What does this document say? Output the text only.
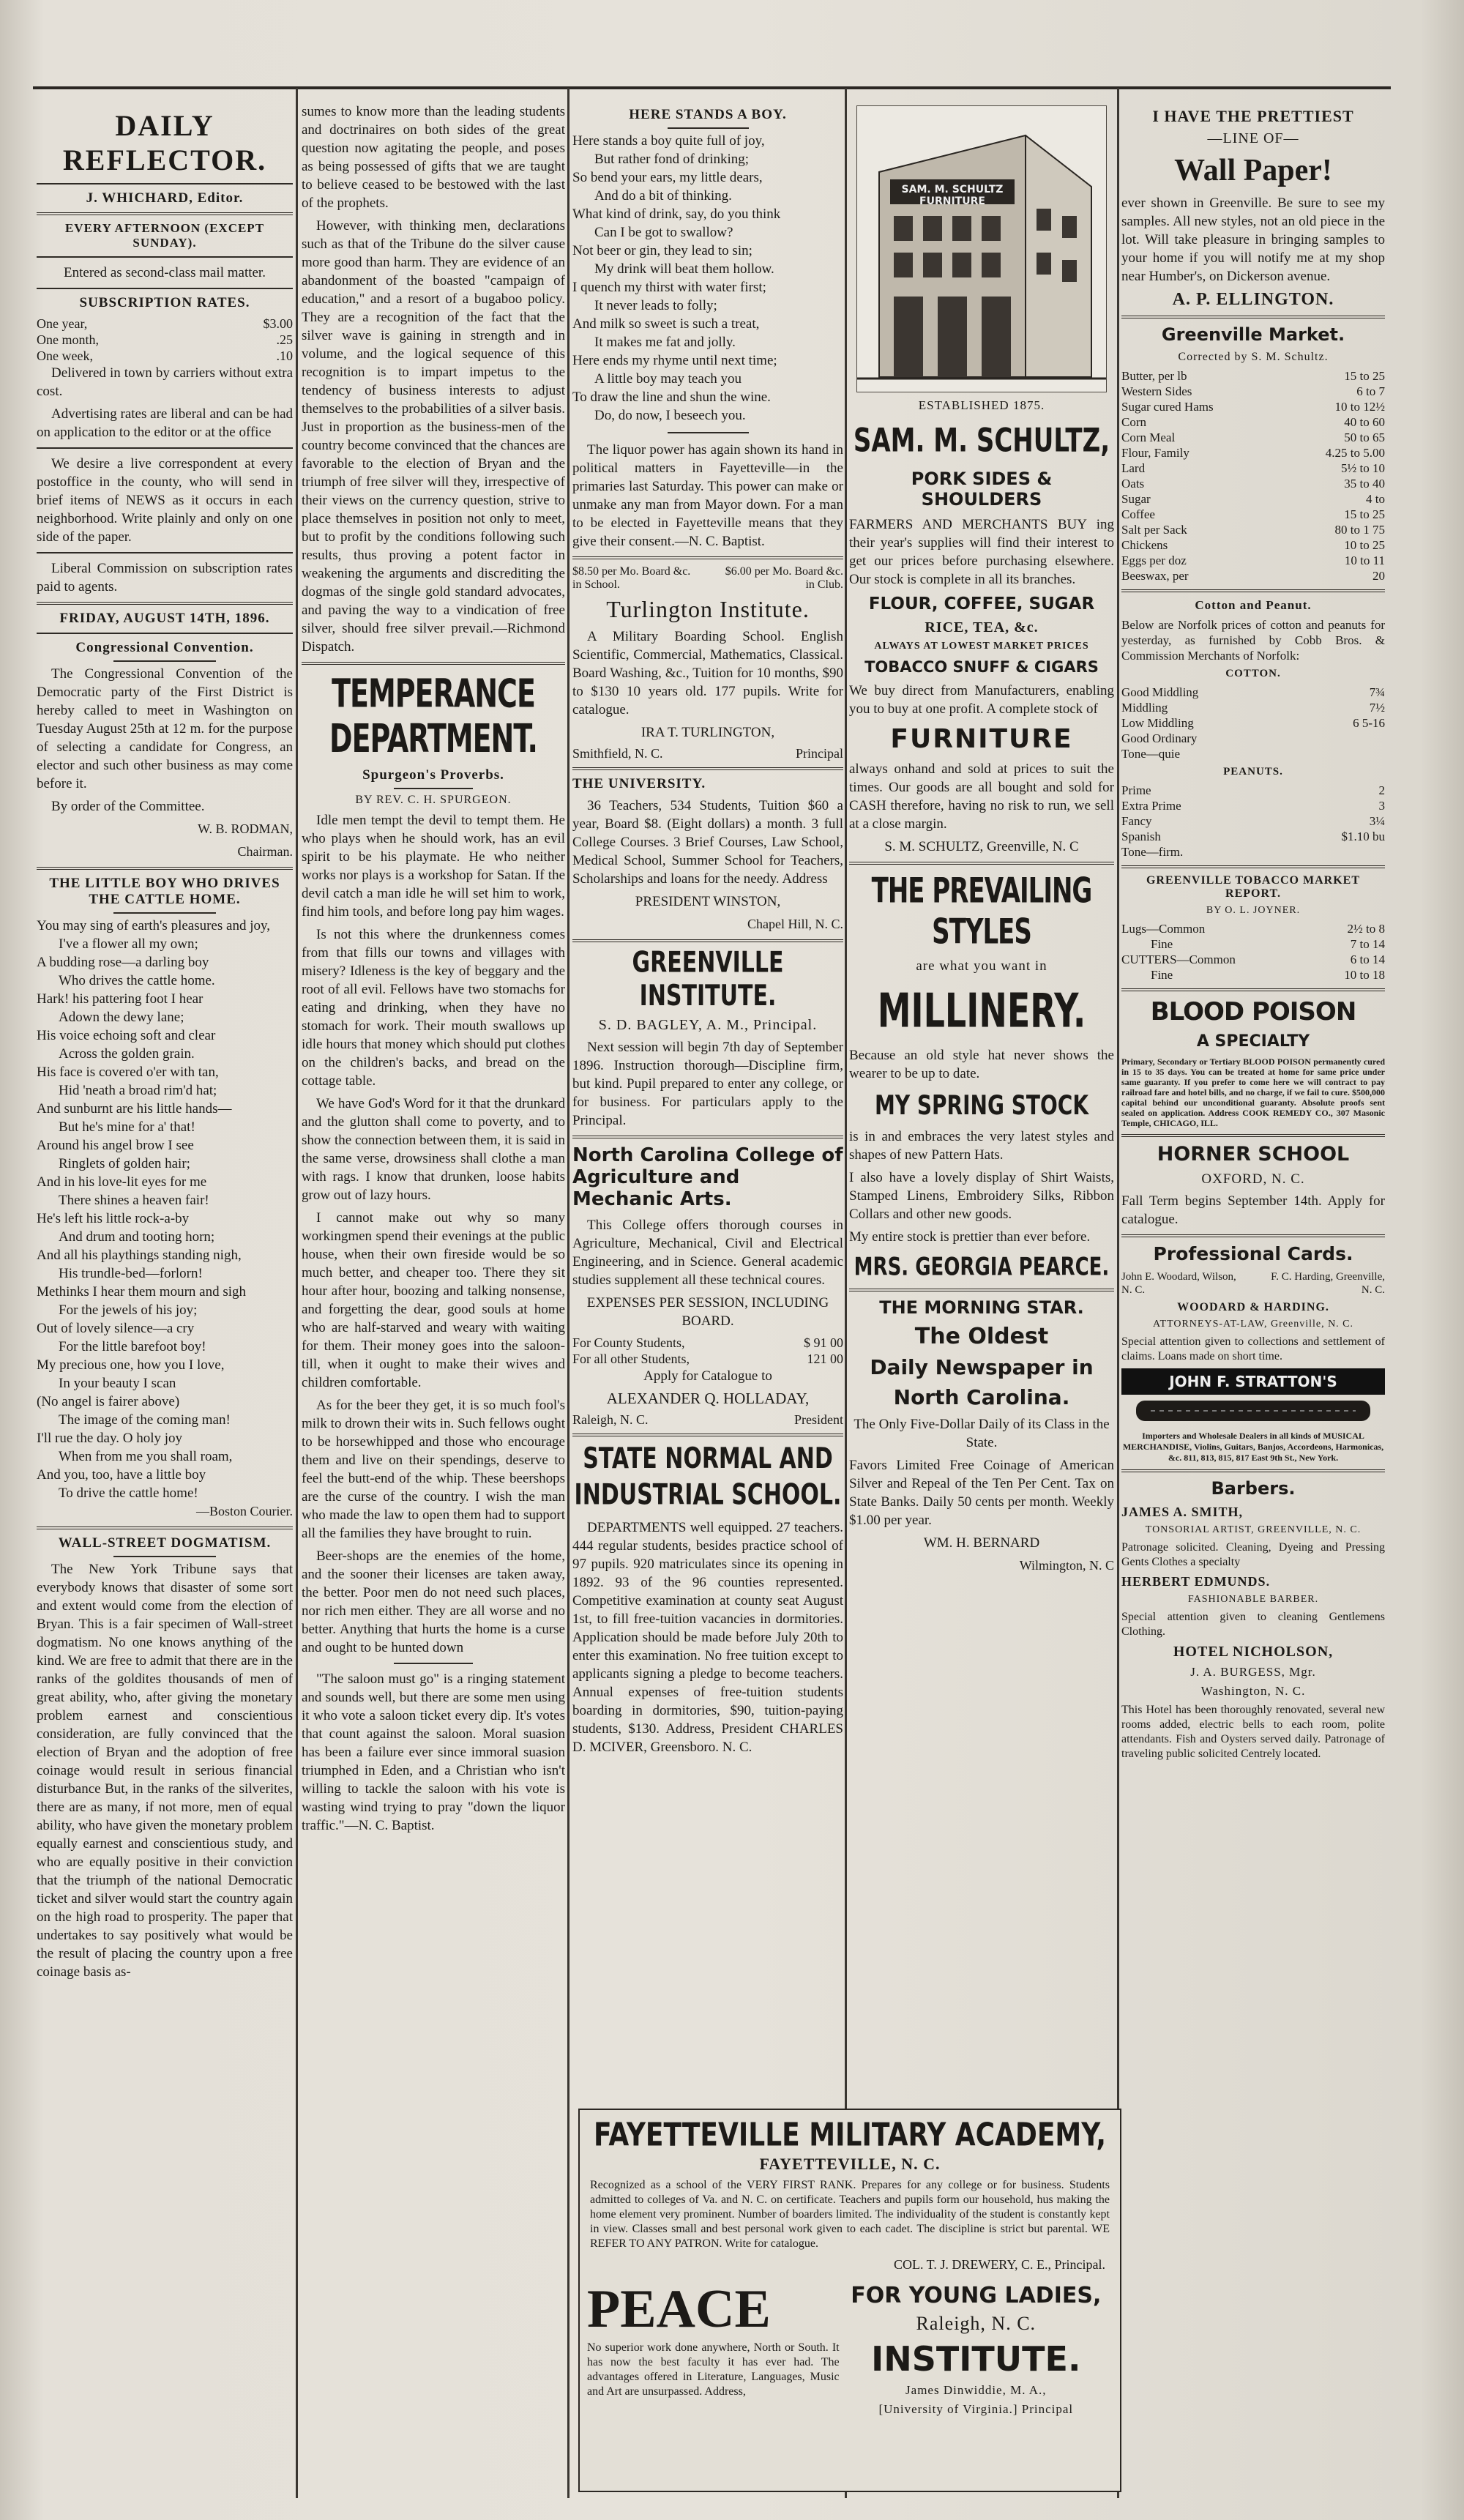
DAILY REFLECTOR.
J. WHICHARD, Editor.
EVERY AFTERNOON (EXCEPT SUNDAY).

Entered as second-class mail matter.

SUBSCRIPTION RATES.
One year,	$3.00
One month,	.25
One week,	.10

Delivered in town by carriers without extra cost.

Advertising rates are liberal and can be had on application to the editor or at the office

We desire a live correspondent at every postoffice in the county, who will send in brief items of NEWS as it occurs in each neighborhood. Write plainly and only on one side of the paper.

Liberal Commission on subscription rates paid to agents.

FRIDAY, AUGUST 14TH, 1896.
Congressional Convention.

The Congressional Convention of the Democratic party of the First District is hereby called to meet in Washington on Tuesday August 25th at 12 m. for the purpose of selecting a candidate for Congress, an elector and such other business as may come before it.

By order of the Committee.

W. B. RODMAN,

Chairman.

THE LITTLE BOY WHO DRIVES THE CATTLE HOME.

You may sing of earth's pleasures and joy,

I've a flower all my own;

A budding rose—a darling boy

Who drives the cattle home.

Hark! his pattering foot I hear

Adown the dewy lane;

His voice echoing soft and clear

Across the golden grain.

His face is covered o'er with tan,

Hid 'neath a broad rim'd hat;

And sunburnt are his little hands—

But he's mine for a' that!

Around his angel brow I see

Ringlets of golden hair;

And in his love-lit eyes for me

There shines a heaven fair!

He's left his little rock-a-by

And drum and tooting horn;

And all his playthings standing nigh,

His trundle-bed—forlorn!

Methinks I hear them mourn and sigh

For the jewels of his joy;

Out of lovely silence—a cry

For the little barefoot boy!

My precious one, how you I love,

In your beauty I scan

(No angel is fairer above)

The image of the coming man!

I'll rue the day. O holy joy

When from me you shall roam,

And you, too, have a little boy

To drive the cattle home!

—Boston Courier.

WALL-STREET DOGMATISM.

The New York Tribune says that everybody knows that disaster of some sort and extent would come from the election of Bryan. This is a fair specimen of Wall-street dogmatism. No one knows anything of the kind. We are free to admit that there are in the ranks of the goldites thousands of men of great ability, who, after giving the monetary problem earnest and conscientious consideration, are fully convinced that the election of Bryan and the adoption of free coinage would result in serious financial disturbance But, in the ranks of the silverites, there are as many, if not more, men of equal ability, who have given the monetary problem equally earnest and conscientious study, and who are equally positive in their conviction that the triumph of the national Democratic ticket and silver would start the country again on the high road to prosperity. The paper that undertakes to say positively what would be the result of placing the country upon a free coinage basis as-

sumes to know more than the leading students and doctrinaires on both sides of the great question now agitating the people, and poses as being possessed of gifts that we are taught to believe ceased to be bestowed with the last of the prophets.

However, with thinking men, declarations such as that of the Tribune do the silver cause more good than harm. They are evidence of an abandonment of the boasted "campaign of education," and a resort of a bugaboo policy. They are a recognition of the fact that the silver wave is gaining in strength and in volume, and the logical sequence of this recognition is to impart impetus to the tendency of business interests to adjust themselves to the probabilities of a silver basis. Just in proportion as the business-men of the country become convinced that the chances are favorable to the election of Bryan and the triumph of free silver will they, irrespective of their views on the currency question, strive to place themselves in position not only to meet, but to profit by the conditions following such results, thus proving a potent factor in weakening the arguments and discrediting the dogmas of the single gold standard advocates, and paving the way to a vindication of free silver, should free silver prevail.—Richmond Dispatch.

TEMPERANCE DEPARTMENT.
Spurgeon's Proverbs.
BY REV. C. H. SPURGEON.

Idle men tempt the devil to tempt them. He who plays when he should work, has an evil spirit to be his playmate. He who neither works nor plays is a workshop for Satan. If the devil catch a man idle he will set him to work, find him tools, and before long pay him wages.

Is not this where the drunkenness comes from that fills our towns and villages with misery? Idleness is the key of beggary and the root of all evil. Fellows have two stomachs for eating and drinking, when they have no stomach for work. Their mouth swallows up idle hours that money which should put clothes on the children's backs, and bread on the cottage table.

We have God's Word for it that the drunkard and the glutton shall come to poverty, and to show the connection between them, it is said in the same verse, drowsiness shall clothe a man with rags. I know that drunken, loose habits grow out of lazy hours.

I cannot make out why so many workingmen spend their evenings at the public house, when their own fireside would be so much better, and cheaper too. There they sit hour after hour, boozing and talking nonsense, and forgetting the dear, good souls at home who are half-starved and weary with waiting for them. Their money goes into the saloon-till, when it ought to make their wives and children comfortable.

As for the beer they get, it is so much fool's milk to drown their wits in. Such fellows ought to be horsewhipped and those who encourage them and live on their spendings, deserve to feel the butt-end of the whip. These beershops are the curse of the country. I wish the man who made the law to open them had to support all the families they have brought to ruin.

Beer-shops are the enemies of the home, and the sooner their licenses are taken away, the better. Poor men do not need such places, nor rich men either. They are all worse and no better. Anything that hurts the home is a curse and ought to be hunted down

"The saloon must go" is a ringing statement and sounds well, but there are some men using it who vote a saloon ticket every dip. It's votes that count against the saloon. Moral suasion has been a failure ever since immoral suasion triumphed in Eden, and a Christian who isn't willing to tackle the saloon with his vote is wasting wind trying to pray "down the liquor traffic."—N. C. Baptist.

HERE STANDS A BOY.

Here stands a boy quite full of joy,

But rather fond of drinking;

So bend your ears, my little dears,

And do a bit of thinking.

What kind of drink, say, do you think

Can I be got to swallow?

Not beer or gin, they lead to sin;

My drink will beat them hollow.

I quench my thirst with water first;

It never leads to folly;

And milk so sweet is such a treat,

It makes me fat and jolly.

Here ends my rhyme until next time;

A little boy may teach you

To draw the line and shun the wine.

Do, do now, I beseech you.

The liquor power has again shown its hand in political matters in Fayetteville—in the primaries last Saturday. This power can make or unmake any man from Mayor down. For a man to be elected in Fayetteville means that they give their consent.—N. C. Baptist.

$8.50 per Mo. Board &c. in School.
$6.00 per Mo. Board &c. in Club.
Turlington Institute.

A Military Boarding School. English Scientific, Commercial, Mathematics, Classical. Board Washing, &c., Tuition for 10 months, $90 to $130 10 years old. 177 pupils. Write for catalogue.

IRA T. TURLINGTON,

Smithfield, N. C.	Principal
THE UNIVERSITY.

36 Teachers, 534 Students, Tuition $60 a year, Board $8. (Eight dollars) a month. 3 full College Courses. 3 Brief Courses, Law School, Medical School, Summer School for Teachers, Scholarships and loans for the needy. Address

PRESIDENT WINSTON,

Chapel Hill, N. C.

GREENVILLE INSTITUTE.
S. D. BAGLEY, A. M., Principal.

Next session will begin 7th day of September 1896. Instruction thorough—Discipline firm, but kind. Pupil prepared to enter any college, or for business. For particulars apply to the Principal.

North Carolina College of Agriculture and Mechanic Arts.

This College offers thorough courses in Agriculture, Mechanical, Civil and Electrical Engineering, and in Science. General academic studies supplement all these technical coures.

EXPENSES PER SESSION, INCLUDING BOARD.

For County Students,	$ 91 00
For all other Students,	121 00

Apply for Catalogue to

ALEXANDER Q. HOLLADAY,

Raleigh, N. C.	President
STATE NORMAL AND INDUSTRIAL SCHOOL.

DEPARTMENTS well equipped. 27 teachers. 444 regular students, besides practice school of 97 pupils. 920 matriculates since its opening in 1892. 93 of the 96 counties represented. Competitive examination at county seat August 1st, to fill free-tuition vacancies in dormitories. Application should be made before July 20th to enter this examination. No free tuition except to applicants signing a pledge to become teachers. Annual expenses of free-tuition students boarding in dormitories, $90, tuition-paying students, $130. Address, President CHARLES D. MCIVER, Greensboro. N. C.

SAM. M. SCHULTZ FURNITURE
ESTABLISHED 1875.
SAM. M. SCHULTZ,
PORK SIDES & SHOULDERS

FARMERS AND MERCHANTS BUY ing their year's supplies will find their interest to get our prices before purchasing elsewhere. Our stock is complete in all its branches.

FLOUR, COFFEE, SUGAR
RICE, TEA, &c.
ALWAYS AT LOWEST MARKET PRICES
TOBACCO SNUFF & CIGARS

We buy direct from Manufacturers, enabling you to buy at one profit. A complete stock of

FURNITURE

always onhand and sold at prices to suit the times. Our goods are all bought and sold for CASH therefore, having no risk to run, we sell at a close margin.

S. M. SCHULTZ, Greenville, N. C

THE PREVAILING STYLES
are what you want in
MILLINERY.

Because an old style hat never shows the wearer to be up to date.

MY SPRING STOCK

is in and embraces the very latest styles and shapes of new Pattern Hats.

I also have a lovely display of Shirt Waists, Stamped Linens, Embroidery Silks, Ribbon Collars and other new goods.

My entire stock is prettier than ever before.

MRS. GEORGIA PEARCE.
THE MORNING STAR.
The Oldest
Daily Newspaper in
North Carolina.

The Only Five-Dollar Daily of its Class in the State.

Favors Limited Free Coinage of American Silver and Repeal of the Ten Per Cent. Tax on State Banks. Daily 50 cents per month. Weekly $1.00 per year.

WM. H. BERNARD

Wilmington, N. C

I HAVE THE PRETTIEST
—LINE OF—
Wall Paper!

ever shown in Greenville. Be sure to see my samples. All new styles, not an old piece in the lot. Will take pleasure in bringing samples to your home if you will notify me at my shop near Humber's, on Dickerson avenue.

A. P. ELLINGTON.
Greenville Market.
Corrected by S. M. Schultz.
Butter, per lb	15 to 25
Western Sides	6 to 7
Sugar cured Hams	10 to 12½
Corn	40 to 60
Corn Meal	50 to 65
Flour, Family	4.25 to 5.00
Lard	5½ to 10
Oats	35 to 40
Sugar	4 to
Coffee	15 to 25
Salt per Sack	80 to 1 75
Chickens	10 to 25
Eggs per doz	10 to 11
Beeswax, per	20
Cotton and Peanut.

Below are Norfolk prices of cotton and peanuts for yesterday, as furnished by Cobb Bros. & Commission Merchants of Norfolk:

COTTON.
Good Middling	7¾
Middling	7½
Low Middling	6 5-16
Good Ordinary
Tone—quie
PEANUTS.
Prime	2
Extra Prime	3
Fancy	3¼
Spanish	$1.10 bu
Tone—firm.
GREENVILLE TOBACCO MARKET REPORT.
BY O. L. JOYNER.
Lugs—Common	2½ to 8
Fine	7 to 14
CUTTERS—Common	6 to 14
Fine	10 to 18
BLOOD POISON
A SPECIALTY

Primary, Secondary or Tertiary BLOOD POISON permanently cured in 15 to 35 days. You can be treated at home for same price under same guaranty. If you prefer to come here we will contract to pay railroad fare and hotel bills, and no charge, if we fail to cure. $500,000 capital behind our unconditional guaranty. Absolute proofs sent sealed on application. Address COOK REMEDY CO., 307 Masonic Temple, CHICAGO, ILL.

HORNER SCHOOL
OXFORD, N. C.

Fall Term begins September 14th. Apply for catalogue.

Professional Cards.
John E. Woodard, Wilson, N. C.
F. C. Harding, Greenville, N. C.
WOODARD & HARDING.
ATTORNEYS-AT-LAW, Greenville, N. C.

Special attention given to collections and settlement of claims. Loans made on short time.

JOHN F. STRATTON'S

Importers and Wholesale Dealers in all kinds of MUSICAL MERCHANDISE, Violins, Guitars, Banjos, Accordeons, Harmonicas, &c. 811, 813, 815, 817 East 9th St., New York.

Barbers.
JAMES A. SMITH,
TONSORIAL ARTIST, GREENVILLE, N. C.

Patronage solicited. Cleaning, Dyeing and Pressing Gents Clothes a specialty

HERBERT EDMUNDS.
FASHIONABLE BARBER.

Special attention given to cleaning Gentlemens Clothing.

HOTEL NICHOLSON,
J. A. BURGESS, Mgr.
Washington, N. C.

This Hotel has been thoroughly renovated, several new rooms added, electric bells to each room, polite attendants. Fish and Oysters served daily. Patronage of traveling public solicited Centrely located.

FAYETTEVILLE MILITARY ACADEMY,
FAYETTEVILLE, N. C.

Recognized as a school of the VERY FIRST RANK. Prepares for any college or for business. Students admitted to colleges of Va. and N. C. on certificate. Teachers and pupils form our household, hus making the home element very prominent. Number of boarders limited. The individuality of the student is constantly kept in view. Classes small and best personal work given to each cadet. The discipline is strict but parental. WE REFER TO ANY PATRON. Write for catalogue.

COL. T. J. DREWERY, C. E., Principal.

PEACE

No superior work done anywhere, North or South. It has now the best faculty it has ever had. The advantages offered in Literature, Languages, Music and Art are unsurpassed. Address,

FOR YOUNG LADIES,
Raleigh, N. C.
INSTITUTE.
James Dinwiddie, M. A.,
[University of Virginia.] Principal
